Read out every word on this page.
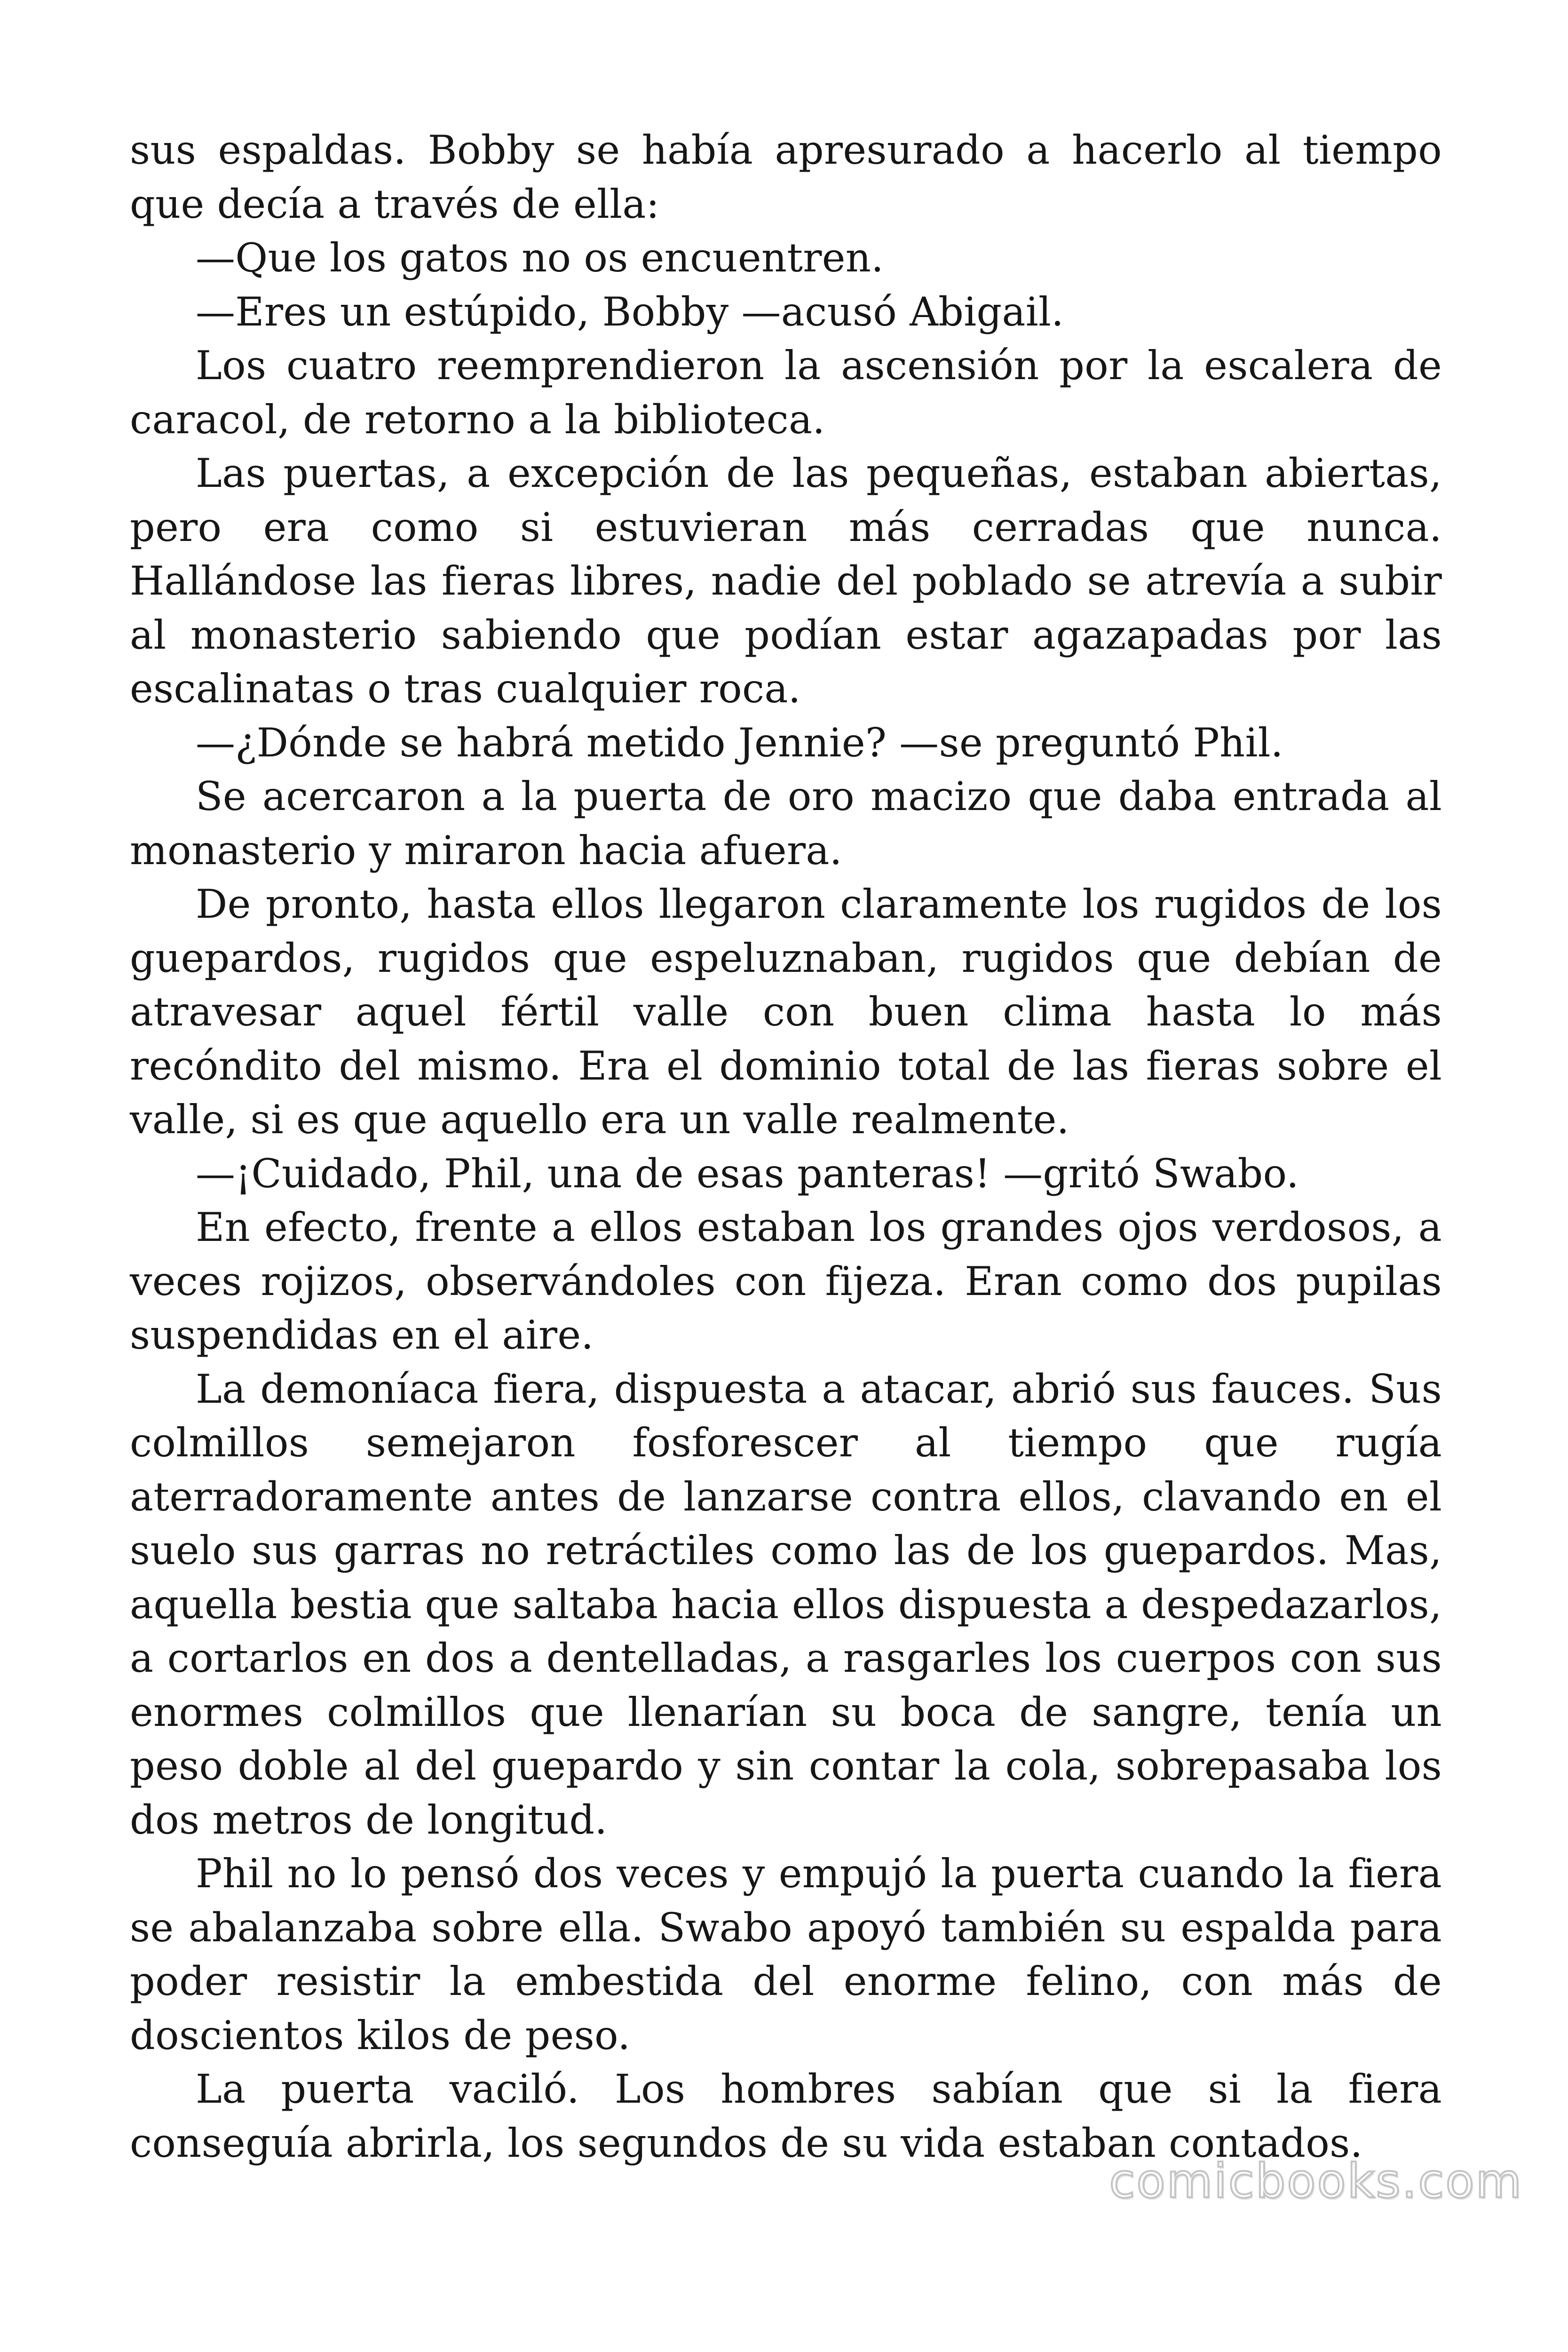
sus espaldas. Bobby se había apresurado a hacerlo al tiempo que decía a través de ella:

—Que los gatos no os encuentren.

—Eres un estúpido, Bobby —acusó Abigail.

Los cuatro reemprendieron la ascensión por la escalera de caracol, de retorno a la biblioteca.

Las puertas, a excepción de las pequeñas, estaban abiertas, pero era como si estuvieran más cerradas que nunca. Hallándose las fieras libres, nadie del poblado se atrevía a subir al monasterio sabiendo que podían estar agazapadas por las escalinatas o tras cualquier roca.

—¿Dónde se habrá metido Jennie? —se preguntó Phil.

Se acercaron a la puerta de oro macizo que daba entrada al monasterio y miraron hacia afuera.

De pronto, hasta ellos llegaron claramente los rugidos de los guepardos, rugidos que espeluznaban, rugidos que debían de atravesar aquel fértil valle con buen clima hasta lo más recóndito del mismo. Era el dominio total de las fieras sobre el valle, si es que aquello era un valle realmente.

—¡Cuidado, Phil, una de esas panteras! —gritó Swabo.

En efecto, frente a ellos estaban los grandes ojos verdosos, a veces rojizos, observándoles con fijeza. Eran como dos pupilas suspendidas en el aire.

La demoníaca fiera, dispuesta a atacar, abrió sus fauces. Sus colmillos semejaron fosforescer al tiempo que rugía aterradoramente antes de lanzarse contra ellos, clavando en el suelo sus garras no retráctiles como las de los guepardos. Mas, aquella bestia que saltaba hacia ellos dispuesta a despedazarlos, a cortarlos en dos a dentelladas, a rasgarles los cuerpos con sus enormes colmillos que llenarían su boca de sangre, tenía un peso doble al del guepardo y sin contar la cola, sobrepasaba los dos metros de longitud.

Phil no lo pensó dos veces y empujó la puerta cuando la fiera se abalanzaba sobre ella. Swabo apoyó también su espalda para poder resistir la embestida del enorme felino, con más de doscientos kilos de peso.

La puerta vaciló. Los hombres sabían que si la fiera conseguía abrirla, los segundos de su vida estaban contados.

comicbooks.com
